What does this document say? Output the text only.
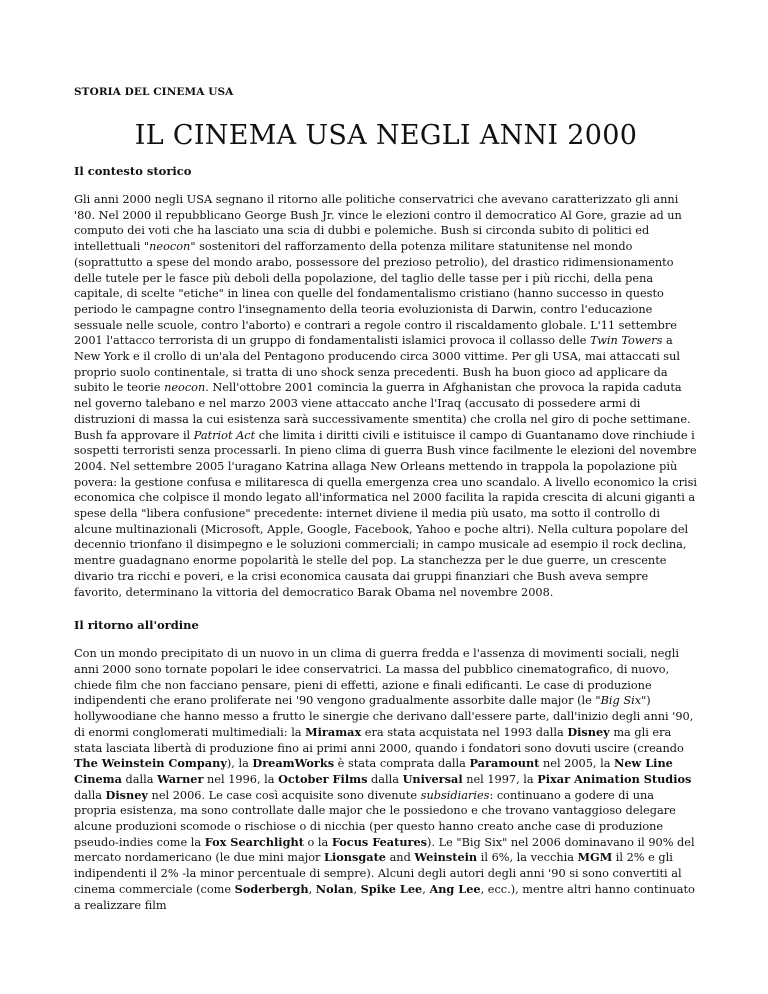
STORIA DEL CINEMA USA
IL CINEMA USA NEGLI ANNI 2000
Il contesto storico

Gli anni 2000 negli USA segnano il ritorno alle politiche conservatrici che avevano caratterizzato gli anni '80. Nel 2000 il repubblicano George Bush Jr. vince le elezioni contro il democratico Al Gore, grazie ad un computo dei voti che ha lasciato una scia di dubbi e polemiche. Bush si circonda subito di politici ed intellettuali "neocon" sostenitori del rafforzamento della potenza militare statunitense nel mondo (soprattutto a spese del mondo arabo, possessore del prezioso petrolio), del drastico ridimensionamento delle tutele per le fasce più deboli della popolazione, del taglio delle tasse per i più ricchi, della pena capitale, di scelte "etiche" in linea con quelle del fondamentalismo cristiano (hanno successo in questo periodo le campagne contro l'insegnamento della teoria evoluzionista di Darwin, contro l'educazione sessuale nelle scuole, contro l'aborto) e contrari a regole contro il riscaldamento globale. L'11 settembre 2001 l'attacco terrorista di un gruppo di fondamentalisti islamici provoca il collasso delle Twin Towers a New York e il crollo di un'ala del Pentagono producendo circa 3000 vittime. Per gli USA, mai attaccati sul proprio suolo continentale, si tratta di uno shock senza precedenti. Bush ha buon gioco ad applicare da subito le teorie neocon. Nell'ottobre 2001 comincia la guerra in Afghanistan che provoca la rapida caduta nel governo talebano e nel marzo 2003 viene attaccato anche l'Iraq (accusato di possedere armi di distruzioni di massa la cui esistenza sarà successivamente smentita) che crolla nel giro di poche settimane. Bush fa approvare il Patriot Act che limita i diritti civili e istituisce il campo di Guantanamo dove rinchiude i sospetti terroristi senza processarli. In pieno clima di guerra Bush vince facilmente le elezioni del novembre 2004. Nel settembre 2005 l'uragano Katrina allaga New Orleans mettendo in trappola la popolazione più povera: la gestione confusa e militaresca di quella emergenza crea uno scandalo. A livello economico la crisi economica che colpisce il mondo legato all'informatica nel 2000 facilita la rapida crescita di alcuni giganti a spese della "libera confusione" precedente: internet diviene il media più usato, ma sotto il controllo di alcune multinazionali (Microsoft, Apple, Google, Facebook, Yahoo e poche altri). Nella cultura popolare del decennio trionfano il disimpegno e le soluzioni commerciali; in campo musicale ad esempio il rock declina, mentre guadagnano enorme popolarità le stelle del pop. La stanchezza per le due guerre, un crescente divario tra ricchi e poveri, e la crisi economica causata dai gruppi finanziari che Bush aveva sempre favorito, determinano la vittoria del democratico Barak Obama nel novembre 2008.

Il ritorno all'ordine

Con un mondo precipitato di un nuovo in un clima di guerra fredda e l'assenza di movimenti sociali, negli anni 2000 sono tornate popolari le idee conservatrici. La massa del pubblico cinematografico, di nuovo, chiede film che non facciano pensare, pieni di effetti, azione e finali edificanti. Le case di produzione indipendenti che erano proliferate nei '90 vengono gradualmente assorbite dalle major (le "Big Six") hollywoodiane che hanno messo a frutto le sinergie che derivano dall'essere parte, dall'inizio degli anni '90, di enormi conglomerati multimediali: la Miramax era stata acquistata nel 1993 dalla Disney ma gli era stata lasciata libertà di produzione fino ai primi anni 2000, quando i fondatori sono dovuti uscire (creando The Weinstein Company), la DreamWorks è stata comprata dalla Paramount nel 2005, la New Line Cinema dalla Warner nel 1996, la October Films dalla Universal nel 1997, la Pixar Animation Studios dalla Disney nel 2006. Le case così acquisite sono divenute subsidiaries: continuano a godere di una propria esistenza, ma sono controllate dalle major che le possiedono e che trovano vantaggioso delegare alcune produzioni scomode o rischiose o di nicchia (per questo hanno creato anche case di produzione pseudo-indies come la Fox Searchlight o la Focus Features). Le "Big Six" nel 2006 dominavano il 90% del mercato nordamericano (le due mini major Lionsgate and Weinstein il 6%, la vecchia MGM il 2% e gli indipendenti il 2% -la minor percentuale di sempre). Alcuni degli autori degli anni '90 si sono convertiti al cinema commerciale (come Soderbergh, Nolan, Spike Lee, Ang Lee, ecc.), mentre altri hanno continuato a realizzare film
